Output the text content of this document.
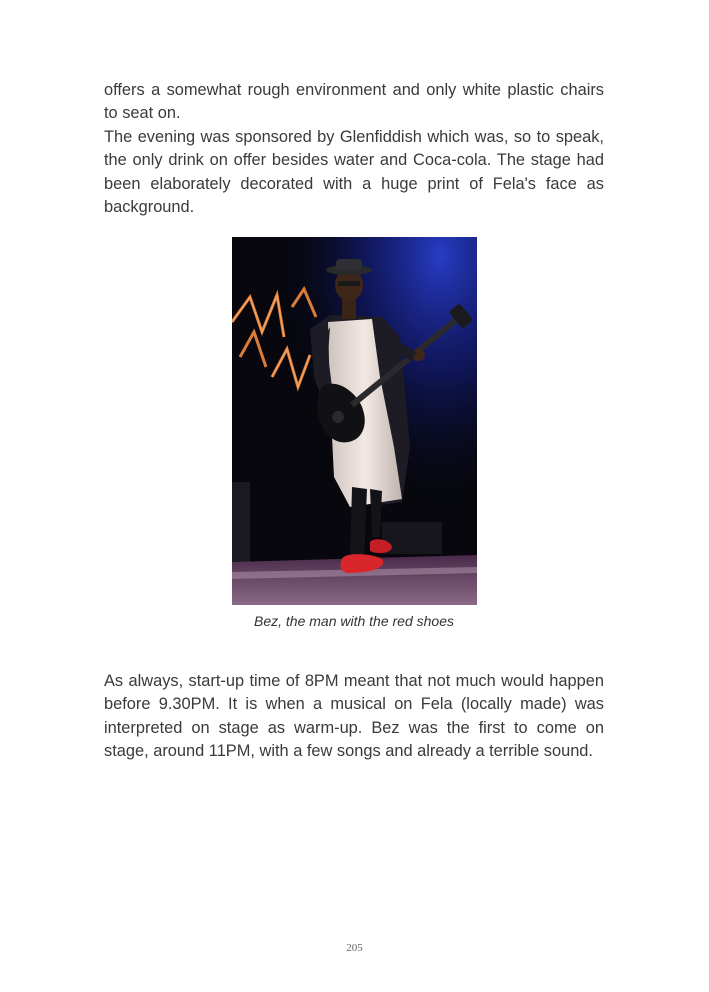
offers a somewhat rough environment and only white plastic chairs to seat on.

The evening was sponsored by Glenfiddish which was, so to speak, the only drink on offer besides water and Coca-cola. The stage had been elaborately decorated with a huge print of Fela's face as background.

Bez, the man with the red shoes

As always, start-up time of 8PM meant that not much would happen before 9.30PM. It is when a musical on Fela (locally made) was interpreted on stage as warm-up. Bez was the first to come on stage, around 11PM, with a few songs and already a terrible sound.

205
